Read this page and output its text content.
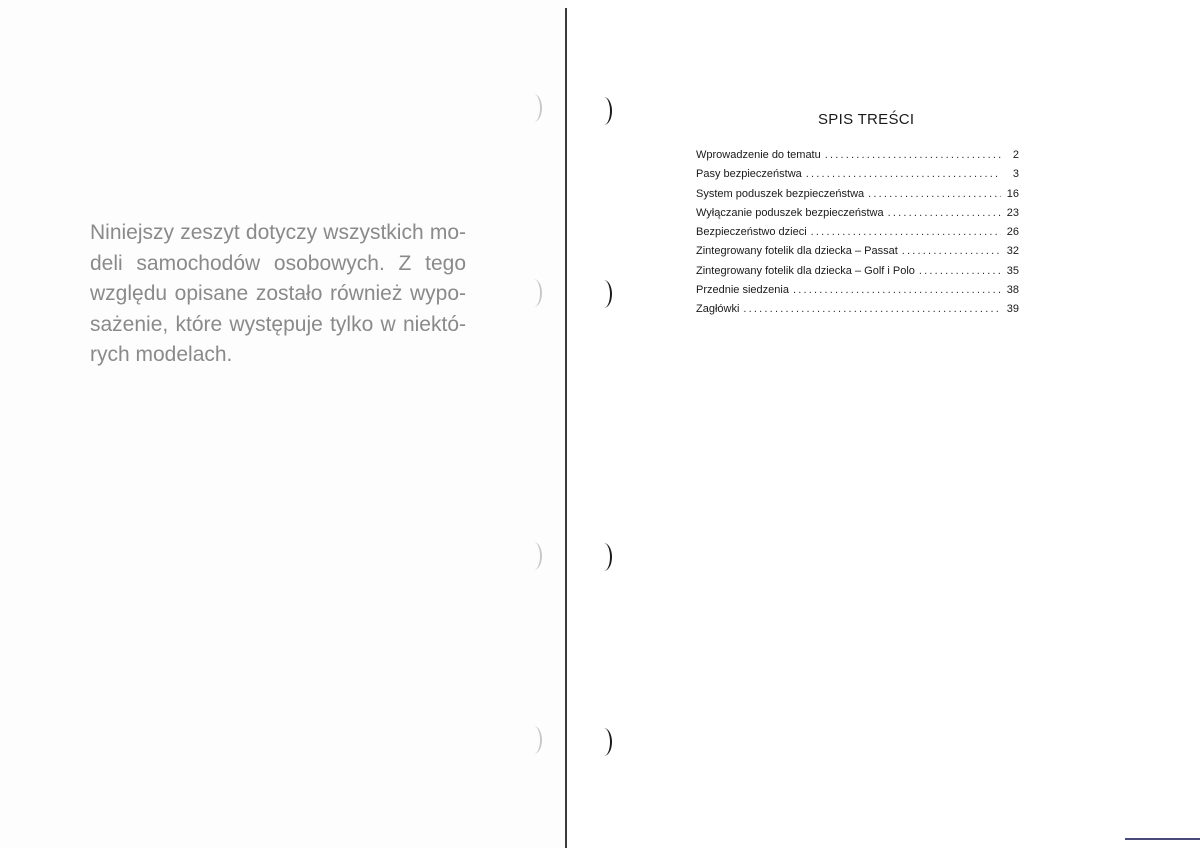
Niniejszy zeszyt dotyczy wszystkich mo-deli samochodów osobowych. Z tego względu opisane zostało również wypo-sażenie, które występuje tylko w niektó-rych modelach.

SPIS TREŚCI
Wprowadzenie do tematu .....	2
Pasy bezpieczeństwa .....	3
System poduszek bezpieczeństwa .....	16
Wyłączanie poduszek bezpieczeństwa .....	23
Bezpieczeństwo dzieci .....	26
Zintegrowany fotelik dla dziecka – Passat .....	32
Zintegrowany fotelik dla dziecka – Golf i Polo .....	35
Przednie siedzenia .....	38
Zagłówki .....	39
